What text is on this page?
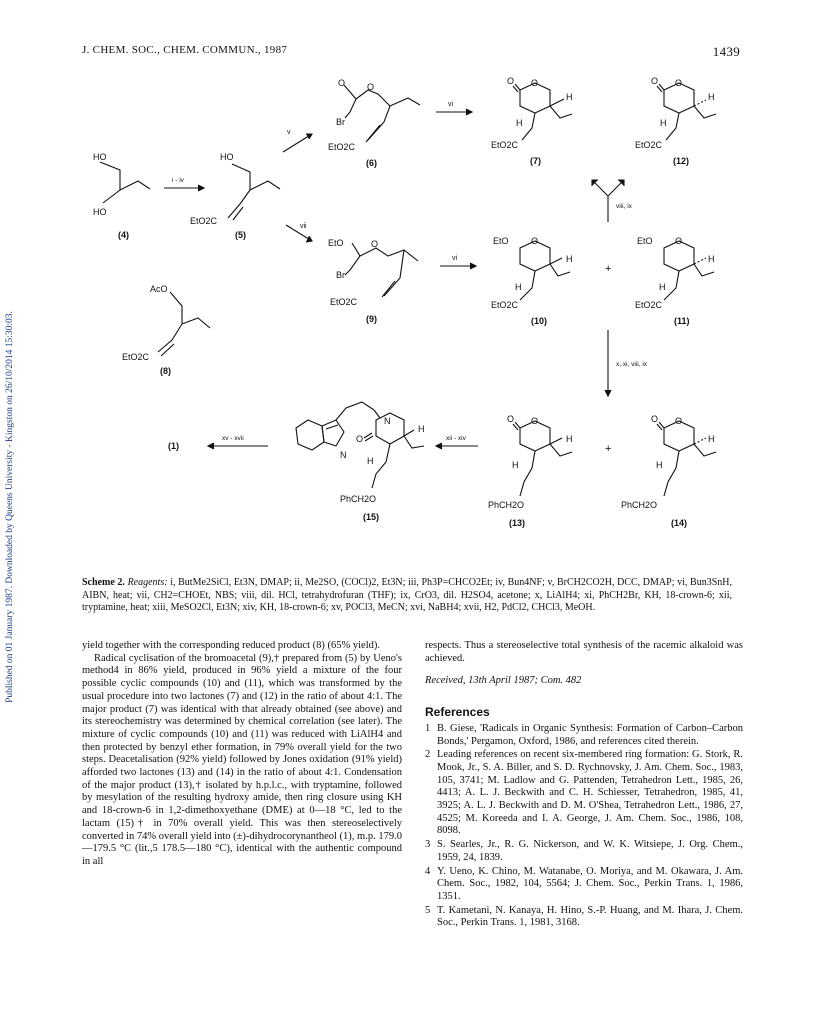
J. CHEM. SOC., CHEM. COMMUN., 1987	1439
Published on 01 January 1987. Downloaded by Queens University - Kingston on 26/10/2014 15:30:03.
HO
HO
(4)
i - iv
HO
EtO2C
(5)
v
O O
Br
EtO2C
(6)
vi
O O
H
H
EtO2C
(7)
O O
H
H
EtO2C
(12)
viii, ix
vii
EtO	O
Br
EtO2C
(9)
vi
EtO O
H
H
EtO2C
(10)
+
EtO O
H
H
EtO2C
(11)
AcO
EtO2C
(8)
x, xi, viii, ix
O O
H
H
PhCH2O
(13)
+
O O
H
H
PhCH2O
(14)
xii - xiv
N
N
O
H
H
PhCH2O
(15)
xv - xvii
(1)
Scheme 2. Reagents: i, ButMe2SiCl, Et3N, DMAP; ii, Me2SO, (COCl)2, Et3N; iii, Ph3P=CHCO2Et; iv, Bun4NF; v, BrCH2CO2H, DCC, DMAP; vi, Bun3SnH, AIBN, heat; vii, CH2=CHOEt, NBS; viii, dil. HCl, tetrahydrofuran (THF); ix, CrO3, dil. H2SO4, acetone; x, LiAlH4; xi, PhCH2Br, KH, 18-crown-6; xii, tryptamine, heat; xiii, MeSO2Cl, Et3N; xiv, KH, 18-crown-6; xv, POCl3, MeCN; xvi, NaBH4; xvii, H2, PdCl2, CHCl3, MeOH.

yield together with the corresponding reduced product (8) (65% yield).

Radical cyclisation of the bromoacetal (9),† prepared from (5) by Ueno's method4 in 86% yield, produced in 96% yield a mixture of the four possible cyclic compounds (10) and (11), which was transformed by the usual procedure into two lactones (7) and (12) in the ratio of about 4:1. The major product (7) was identical with that already obtained (see above) and its stereochemistry was determined by chemical correlation (see later). The mixture of cyclic compounds (10) and (11) was reduced with LiAlH4 and then protected by benzyl ether formation, in 79% overall yield for the two steps. Deacetalisation (92% yield) followed by Jones oxidation (91% yield) afforded two lactones (13) and (14) in the ratio of about 4:1. Condensation of the major product (13),† isolated by h.p.l.c., with tryptamine, followed by mesylation of the resulting hydroxy amide, then ring closure using KH and 18-crown-6 in 1,2-dimethoxyethane (DME) at 0—18 °C, led to the lactam (15)† in 70% overall yield. This was then stereoselectively converted in 74% overall yield into (±)-dihydrocorynantheol (1), m.p. 179.0—179.5 °C (lit.,5 178.5—180 °C), identical with the authentic compound in all

respects. Thus a stereoselective total synthesis of the racemic alkaloid was achieved.

Received, 13th April 1987; Com. 482

References

1 B. Giese, 'Radicals in Organic Synthesis: Formation of Carbon–Carbon Bonds,' Pergamon, Oxford, 1986, and references cited therein.

2 Leading references on recent six-membered ring formation: G. Stork, R. Mook, Jr., S. A. Biller, and S. D. Rychnovsky, J. Am. Chem. Soc., 1983, 105, 3741; M. Ladlow and G. Pattenden, Tetrahedron Lett., 1985, 26, 4413; A. L. J. Beckwith and C. H. Schiesser, Tetrahedron, 1985, 41, 3925; A. L. J. Beckwith and D. M. O'Shea, Tetrahedron Lett., 1986, 27, 4525; M. Koreeda and I. A. George, J. Am. Chem. Soc., 1986, 108, 8098.

3 S. Searles, Jr., R. G. Nickerson, and W. K. Witsiepe, J. Org. Chem., 1959, 24, 1839.

4 Y. Ueno, K. Chino, M. Watanabe, O. Moriya, and M. Okawara, J. Am. Chem. Soc., 1982, 104, 5564; J. Chem. Soc., Perkin Trans. 1, 1986, 1351.

5 T. Kametani, N. Kanaya, H. Hino, S.-P. Huang, and M. Ihara, J. Chem. Soc., Perkin Trans. 1, 1981, 3168.
